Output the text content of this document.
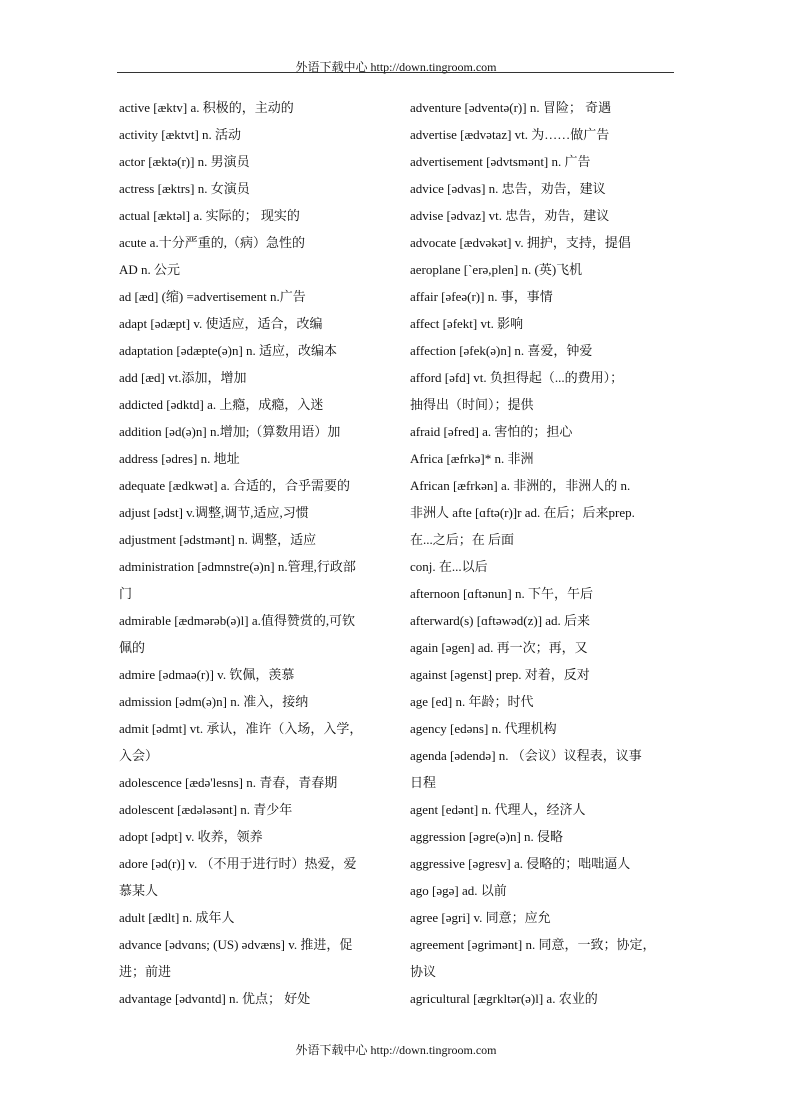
外语下载中心 http://down.tingroom.com

active [æktv] a. 积极的，主动的

activity [æktvt] n. 活动

actor [æktə(r)] n. 男演员

actress [æktrs] n. 女演员

actual [æktəl] a. 实际的； 现实的

acute a.十分严重的,（病）急性的

AD n. 公元

ad [æd] (缩) =advertisement n.广告

adapt [ədæpt] v. 使适应，适合，改编

adaptation [ədæpte(ə)n] n. 适应，改编本

add [æd] vt.添加，增加

addicted [ədktd] a. 上瘾，成瘾，入迷

addition [əd(ə)n] n.增加;（算数用语）加

address [ədres] n. 地址

adequate [ædkwət] a. 合适的，合乎需要的

adjust [ədst] v.调整,调节,适应,习惯

adjustment [ədstmənt] n. 调整，适应

administration [ədmnstre(ə)n] n.管理,行政部

门

admirable [ædmərəb(ə)l] a.值得赞赏的,可钦

佩的

admire [ədmaə(r)] v. 钦佩，羡慕

admission [ədm(ə)n] n. 准入，接纳

admit [ədmt] vt. 承认，准许（入场，入学，

入会）

adolescence [ædə'lesns] n. 青春，青春期

adolescent [ædələsənt] n. 青少年

adopt [ədpt] v. 收养，领养

adore [əd(r)] v. （不用于进行时）热爱，爱

慕某人

adult [ædlt] n. 成年人

advance [ədvɑns; (US) ədvæns] v. 推进，促

进；前进

advantage [ədvɑntd] n. 优点； 好处

adventure [ədventə(r)] n. 冒险； 奇遇

advertise [ædvətaz] vt. 为……做广告

advertisement [ədvtsmənt] n. 广告

advice [ədvas] n. 忠告，劝告，建议

advise [ədvaz] vt. 忠告，劝告，建议

advocate [ædvəkət] v. 拥护，支持，提倡

aeroplane [`erə,plen] n. (英)飞机

affair [əfeə(r)] n. 事，事情

affect [əfekt] vt. 影响

affection [əfek(ə)n] n. 喜爱，钟爱

afford [əfd] vt. 负担得起（...的费用）；

抽得出（时间）；提供

afraid [əfred] a. 害怕的；担心

Africa [æfrkə]* n. 非洲

African [æfrkən] a. 非洲的，非洲人的 n.

非洲人 afte [ɑftə(r)]r ad. 在后；后来prep.

在...之后；在 后面

conj. 在...以后

afternoon [ɑftənun] n. 下午，午后

afterward(s) [ɑftəwəd(z)] ad. 后来

again [əgen] ad. 再一次；再，又

against [əgenst] prep. 对着，反对

age [ed] n. 年龄；时代

agency [edəns] n. 代理机构

agenda [ədendə] n. （会议）议程表，议事

日程

agent [edənt] n. 代理人，经济人

aggression [əgre(ə)n] n. 侵略

aggressive [əgresv] a. 侵略的；咄咄逼人

ago [əgə] ad. 以前

agree [əgri] v. 同意；应允

agreement [əgrimənt] n. 同意，一致；协定，

协议

agricultural [ægrkltər(ə)l] a. 农业的

外语下载中心 http://down.tingroom.com
